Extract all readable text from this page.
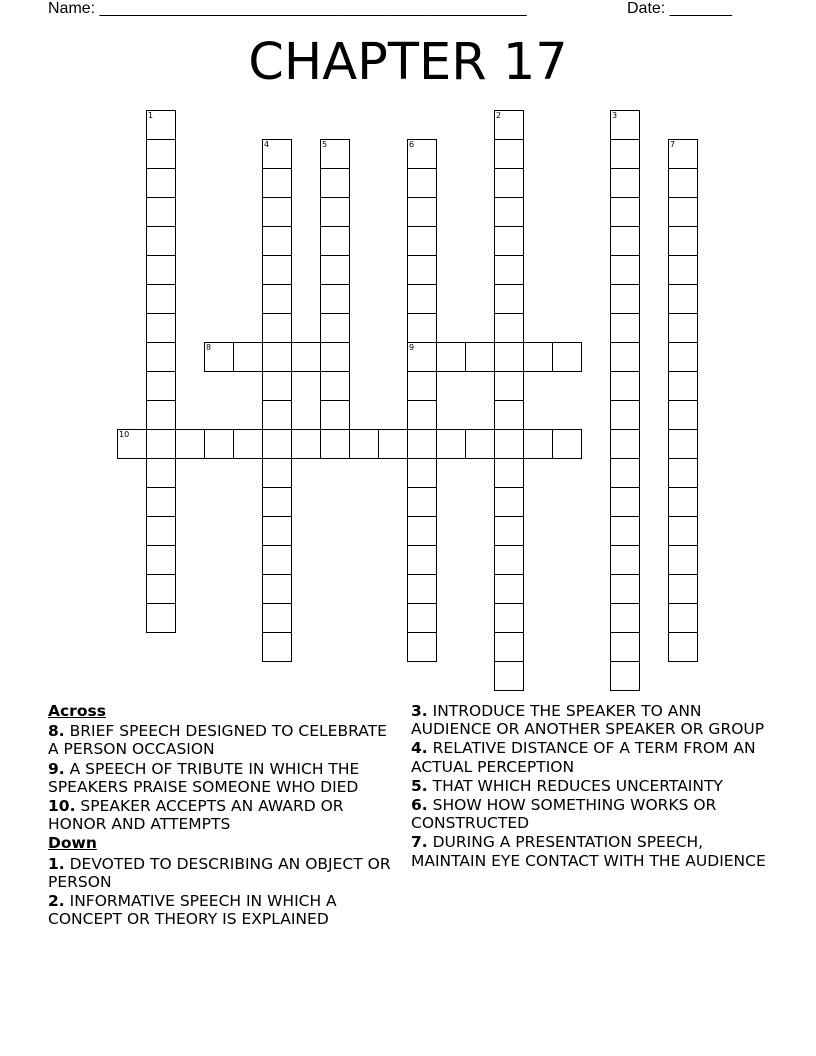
Name: ________________________________________________	Date: _______
CHAPTER 17
1	2	3
4	5	6
9
7
8
10
Across
8. BRIEF SPEECH DESIGNED TO CELEBRATE A PERSON OCCASION
9. A SPEECH OF TRIBUTE IN WHICH THE SPEAKERS PRAISE SOMEONE WHO DIED
10. SPEAKER ACCEPTS AN AWARD OR HONOR AND ATTEMPTS
Down
1. DEVOTED TO DESCRIBING AN OBJECT OR PERSON
2. INFORMATIVE SPEECH IN WHICH A CONCEPT OR THEORY IS EXPLAINED
3. INTRODUCE THE SPEAKER TO ANN AUDIENCE OR ANOTHER SPEAKER OR GROUP
4. RELATIVE DISTANCE OF A TERM FROM AN ACTUAL PERCEPTION
5. THAT WHICH REDUCES UNCERTAINTY
6. SHOW HOW SOMETHING WORKS OR CONSTRUCTED
7. DURING A PRESENTATION SPEECH, MAINTAIN EYE CONTACT WITH THE AUDIENCE
